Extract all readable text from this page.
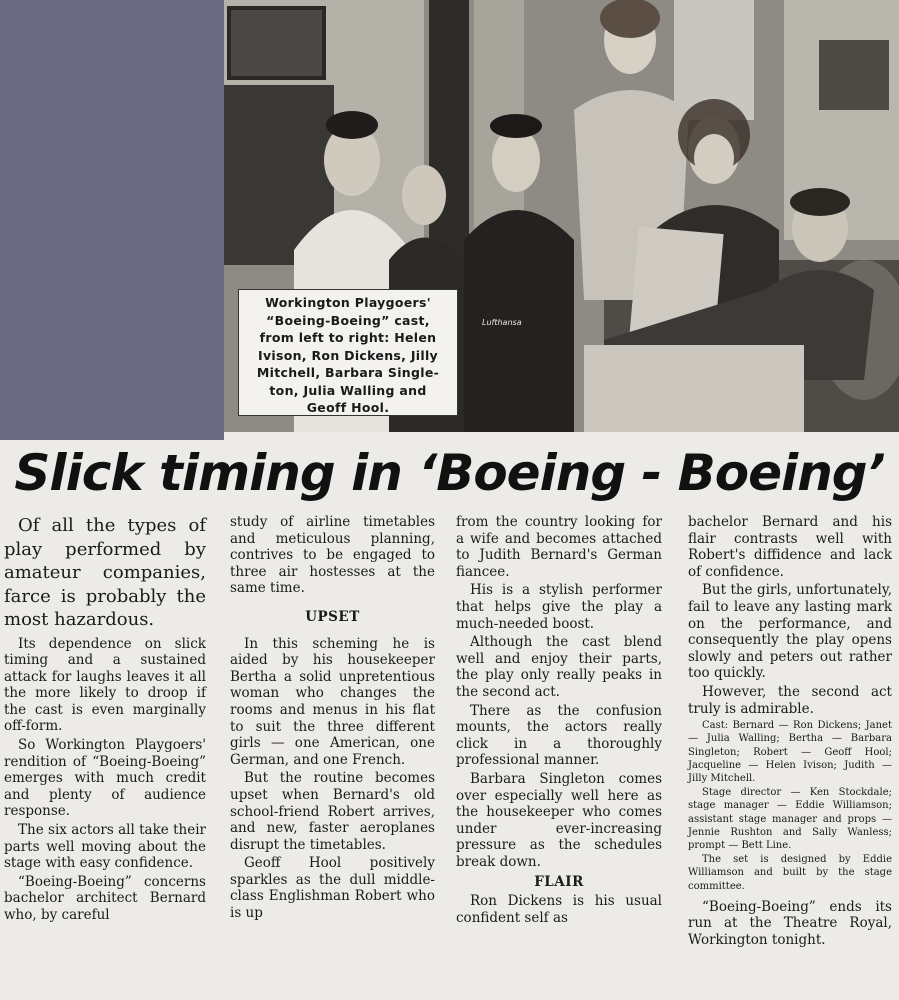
Lufthansa
Workington Playgoers'
“Boeing-Boeing” cast,
from left to right: Helen
Ivison, Ron Dickens, Jilly
Mitchell, Barbara Single-
ton, Julia Walling and
Geoff Hool.
Slick timing in ‘Boeing - Boeing’

Of all the types of play performed by amateur companies, farce is probably the most hazardous.

Its dependence on slick timing and a sustained attack for laughs leaves it all the more likely to droop if the cast is even marginally off-form.

So Workington Playgoers' rendition of “Boeing-Boeing” emerges with much credit and plenty of audience response.

The six actors all take their parts well moving about the stage with easy confidence.

“Boeing-Boeing” concerns bachelor architect Bernard who, by careful

study of airline timetables and meticulous planning, contrives to be engaged to three air hostesses at the same time.

UPSET

In this scheming he is aided by his housekeeper Bertha a solid unpretentious woman who changes the rooms and menus in his flat to suit the three different girls — one American, one German, and one French.

But the routine becomes upset when Bernard's old school-friend Robert arrives, and new, faster aeroplanes disrupt the timetables.

Geoff Hool positively sparkles as the dull middle-class Englishman Robert who is up

from the country looking for a wife and becomes attached to Judith Bernard's German fiancee.

His is a stylish performer that helps give the play a much-needed boost.

Although the cast blend well and enjoy their parts, the play only really peaks in the second act.

There as the confusion mounts, the actors really click in a thoroughly professional manner.

Barbara Singleton comes over especially well here as the housekeeper who comes under ever-increasing pressure as the schedules break down.

FLAIR

Ron Dickens is his usual confident self as

bachelor Bernard and his flair contrasts well with Robert's diffidence and lack of confidence.

But the girls, unfortunately, fail to leave any lasting mark on the performance, and consequently the play opens slowly and peters out rather too quickly.

However, the second act truly is admirable.

Cast: Bernard — Ron Dickens; Janet — Julia Walling; Bertha — Barbara Singleton; Robert — Geoff Hool; Jacqueline — Helen Ivison; Judith — Jilly Mitchell.

Stage director — Ken Stockdale; stage manager — Eddie Williamson; assistant stage manager and props — Jennie Rushton and Sally Wanless; prompt — Bett Line.

The set is designed by Eddie Williamson and built by the stage committee.

“Boeing-Boeing” ends its run at the Theatre Royal, Workington tonight.
